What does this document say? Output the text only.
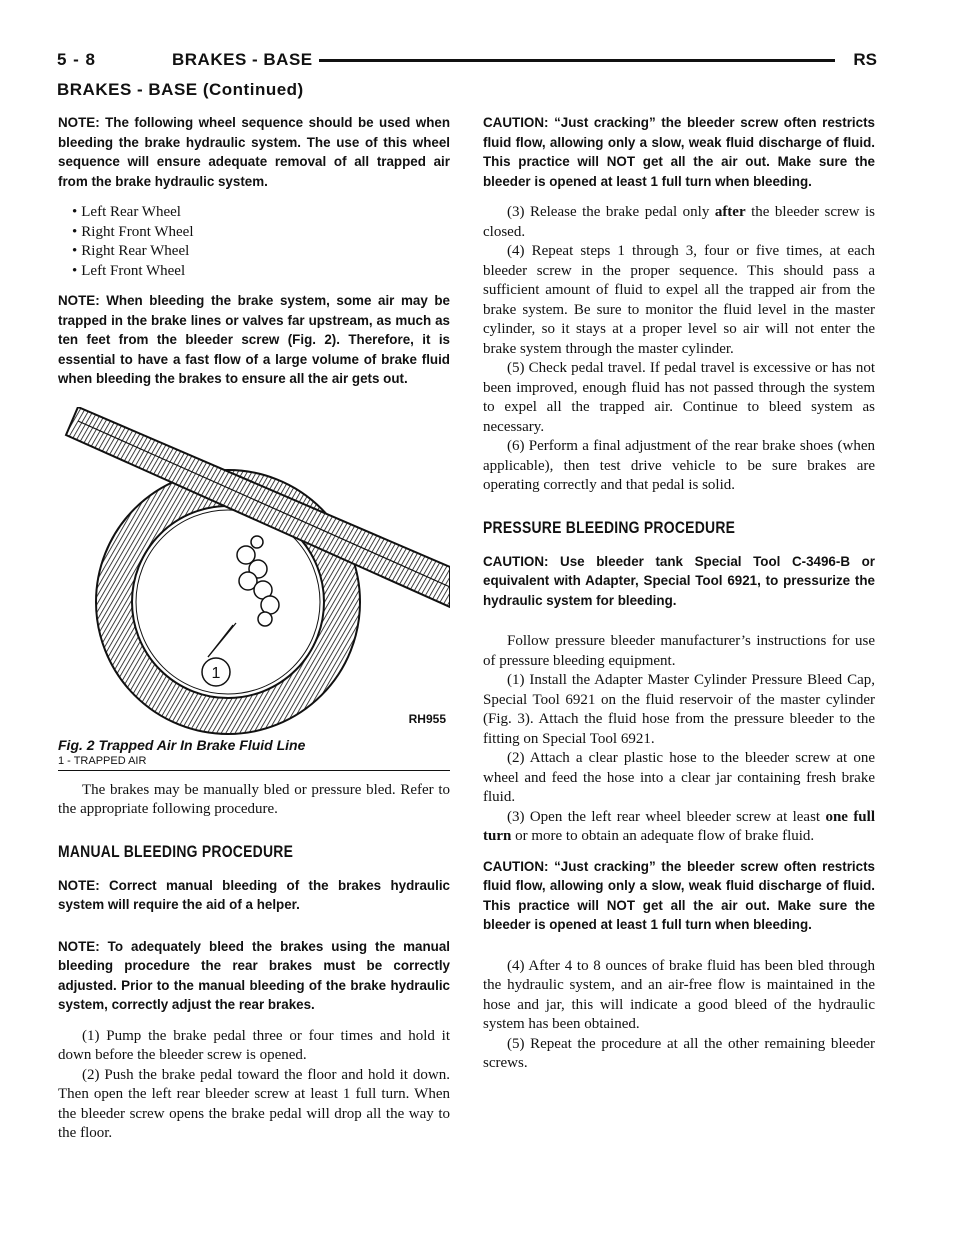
5 - 8	BRAKES - BASE	RS
BRAKES - BASE (Continued)

NOTE: The following wheel sequence should be used when bleeding the brake hydraulic system. The use of this wheel sequence will ensure adequate removal of all trapped air from the brake hydraulic system.

• Left Rear Wheel
• Right Front Wheel
• Right Rear Wheel
• Left Front Wheel

NOTE: When bleeding the brake system, some air may be trapped in the brake lines or valves far upstream, as much as ten feet from the bleeder screw (Fig. 2). Therefore, it is essential to have a fast flow of a large volume of brake fluid when bleeding the brakes to ensure all the air gets out.

1
RH955

Fig. 2 Trapped Air In Brake Fluid Line

1 - TRAPPED AIR

The brakes may be manually bled or pressure bled. Refer to the appropriate following procedure.

MANUAL BLEEDING PROCEDURE

NOTE: Correct manual bleeding of the brakes hydraulic system will require the aid of a helper.

NOTE: To adequately bleed the brakes using the manual bleeding procedure the rear brakes must be correctly adjusted. Prior to the manual bleeding of the brake hydraulic system, correctly adjust the rear brakes.

(1) Pump the brake pedal three or four times and hold it down before the bleeder screw is opened.

(2) Push the brake pedal toward the floor and hold it down. Then open the left rear bleeder screw at least 1 full turn. When the bleeder screw opens the brake pedal will drop all the way to the floor.

CAUTION: “Just cracking” the bleeder screw often restricts fluid flow, allowing only a slow, weak fluid discharge of fluid. This practice will NOT get all the air out. Make sure the bleeder is opened at least 1 full turn when bleeding.

(3) Release the brake pedal only after the bleeder screw is closed.

(4) Repeat steps 1 through 3, four or five times, at each bleeder screw in the proper sequence. This should pass a sufficient amount of fluid to expel all the trapped air from the brake system. Be sure to monitor the fluid level in the master cylinder, so it stays at a proper level so air will not enter the brake system through the master cylinder.

(5) Check pedal travel. If pedal travel is excessive or has not been improved, enough fluid has not passed through the system to expel all the trapped air. Continue to bleed system as necessary.

(6) Perform a final adjustment of the rear brake shoes (when applicable), then test drive vehicle to be sure brakes are operating correctly and that pedal is solid.

PRESSURE BLEEDING PROCEDURE

CAUTION: Use bleeder tank Special Tool C-3496-B or equivalent with Adapter, Special Tool 6921, to pressurize the hydraulic system for bleeding.

Follow pressure bleeder manufacturer’s instructions for use of pressure bleeding equipment.

(1) Install the Adapter Master Cylinder Pressure Bleed Cap, Special Tool 6921 on the fluid reservoir of the master cylinder (Fig. 3). Attach the fluid hose from the pressure bleeder to the fitting on Special Tool 6921.

(2) Attach a clear plastic hose to the bleeder screw at one wheel and feed the hose into a clear jar containing fresh brake fluid.

(3) Open the left rear wheel bleeder screw at least one full turn or more to obtain an adequate flow of brake fluid.

CAUTION: “Just cracking” the bleeder screw often restricts fluid flow, allowing only a slow, weak fluid discharge of fluid. This practice will NOT get all the air out. Make sure the bleeder is opened at least 1 full turn when bleeding.

(4) After 4 to 8 ounces of brake fluid has been bled through the hydraulic system, and an air-free flow is maintained in the hose and jar, this will indicate a good bleed of the hydraulic system has been obtained.

(5) Repeat the procedure at all the other remaining bleeder screws.
